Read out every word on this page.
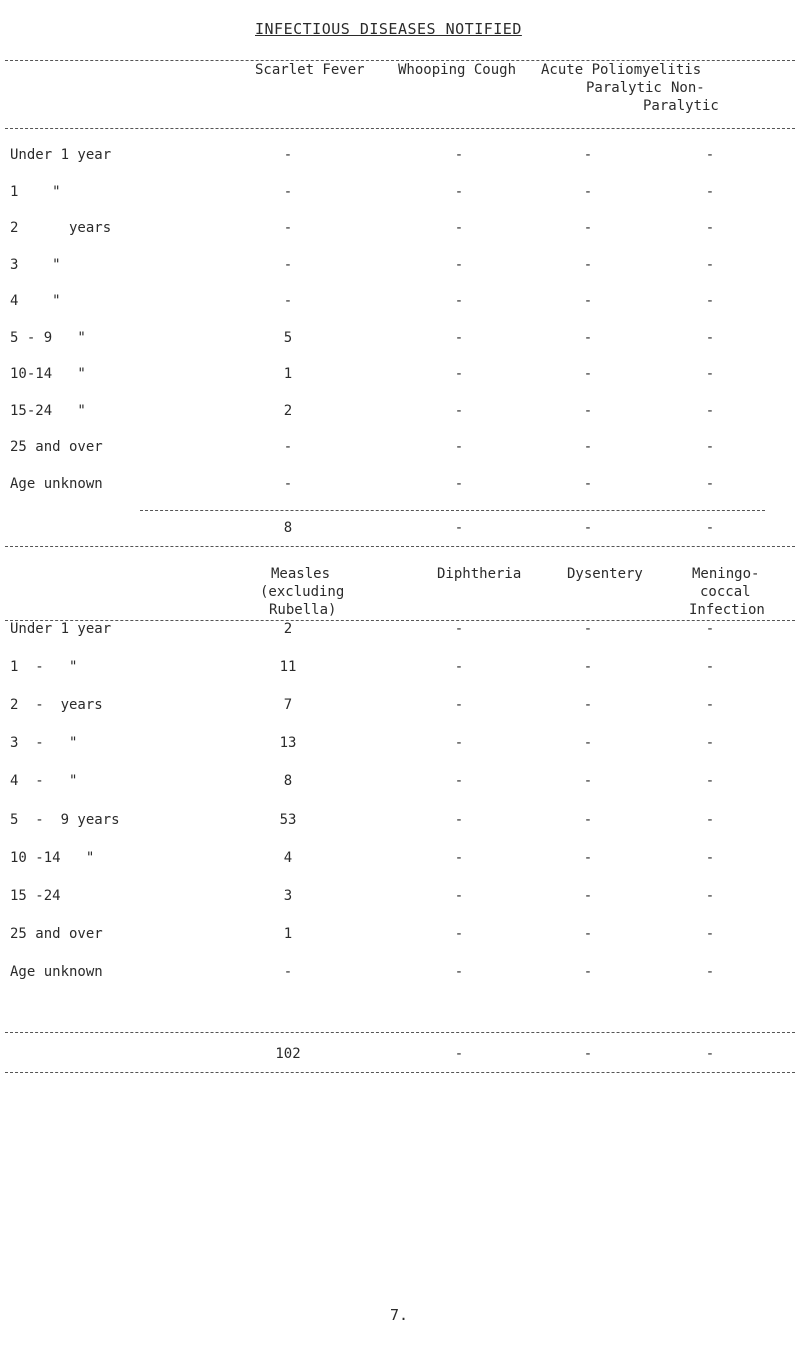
INFECTIOUS DISEASES NOTIFIED
Scarlet Fever Whooping Cough Acute Poliomyelitis
Paralytic Non-
Paralytic
Under 1 year	-	-	-	-
1    "	-	-	-	-
2      years	-	-	-	-
3    "	-	-	-	-
4    "	-	-	-	-
5 - 9   "	5	-	-	-
10-14   "	1	-	-	-
15-24   "	2	-	-	-
25 and over	-	-	-	-
Age unknown	-	-	-	-
8	-	-	-
Measles
(excluding
Rubella)
Diphtheria	Dysentery	Meningo-
coccal
Infection
Under 1 year	2	-	-	-
1  -   "	11	-	-	-
2  -  years	7	-	-	-
3  -   "	13	-	-	-
4  -   "	8	-	-	-
5  -  9 years	53	-	-	-
10 -14   "	4	-	-	-
15 -24	3	-	-	-
25 and over	1	-	-	-
Age unknown	-	-	-	-
102	-	-	-
7.
